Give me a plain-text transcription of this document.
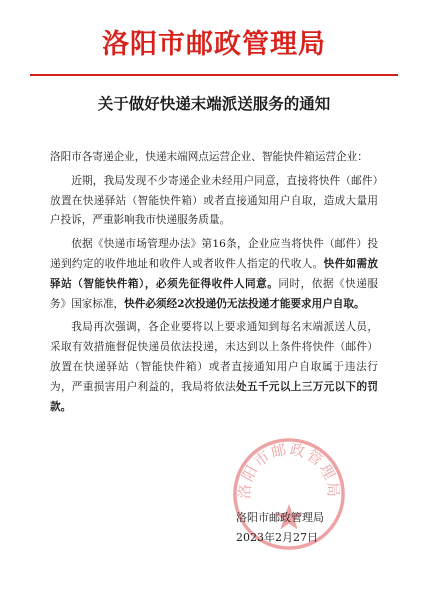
洛阳市邮政管理局
关于做好快递末端派送服务的通知

洛阳市各寄递企业，快递末端网点运营企业、智能快件箱运营企业：

近期，我局发现不少寄递企业未经用户同意，直接将快件（邮件）放置在快递驿站（智能快件箱）或者直接通知用户自取，造成大量用户投诉，严重影响我市快递服务质量。

依据《快递市场管理办法》第16条，企业应当将快件（邮件）投递到约定的收件地址和收件人或者收件人指定的代收人。快件如需放驿站（智能快件箱），必须先征得收件人同意。同时，依据《快递服务》国家标准，快件必须经2次投递仍无法投递才能要求用户自取。

我局再次强调，各企业要将以上要求通知到每名末端派送人员，采取有效措施督促快递员依法投递，未达到以上条件将快件（邮件）放置在快递驿站（智能快件箱）或者直接通知用户自取属于违法行为，严重损害用户利益的，我局将依法处五千元以上三万元以下的罚款。

洛阳市邮政管理局
洛阳市邮政管理局
2023年2月27日
